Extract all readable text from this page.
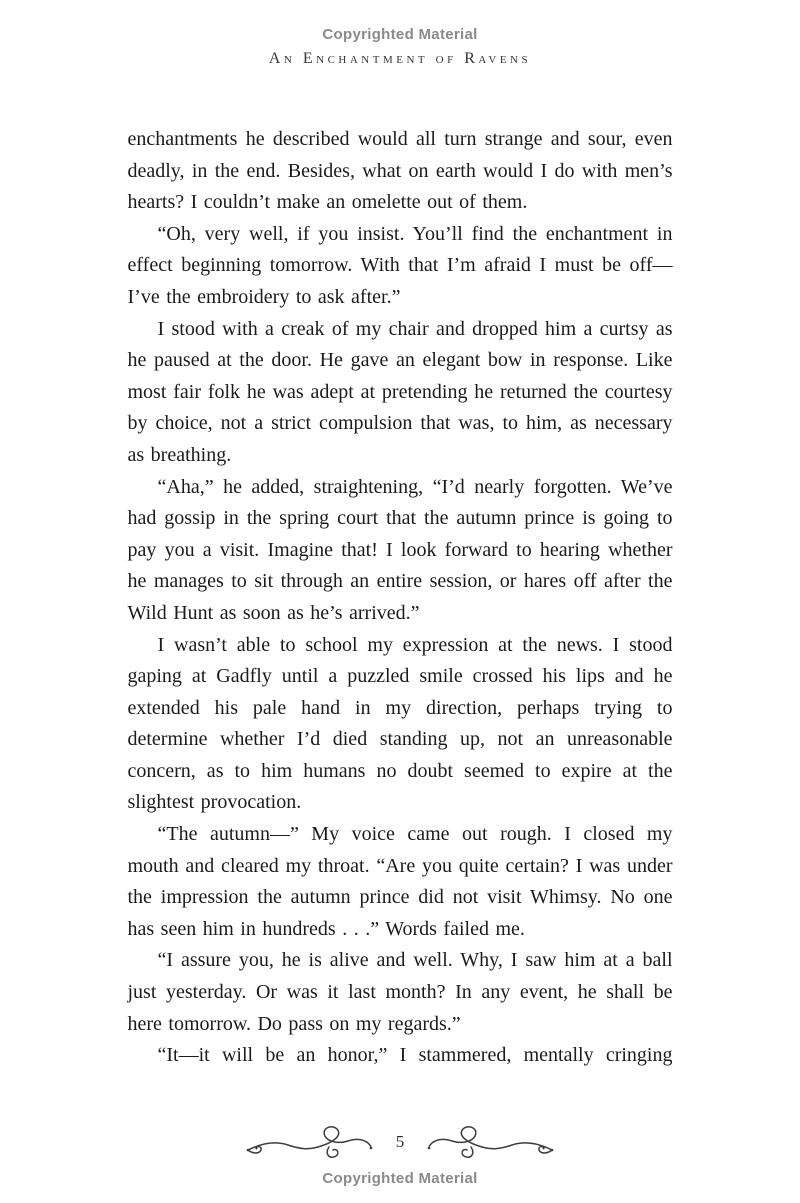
Copyrighted Material
An Enchantment of Ravens

enchantments he described would all turn strange and sour, even deadly, in the end. Besides, what on earth would I do with men’s hearts? I couldn’t make an omelette out of them.

“Oh, very well, if you insist. You’ll find the enchantment in effect beginning tomorrow. With that I’m afraid I must be off—I’ve the embroidery to ask after.”

I stood with a creak of my chair and dropped him a curtsy as he paused at the door. He gave an elegant bow in response. Like most fair folk he was adept at pretending he returned the courtesy by choice, not a strict compulsion that was, to him, as necessary as breathing.

“Aha,” he added, straightening, “I’d nearly forgotten. We’ve had gossip in the spring court that the autumn prince is going to pay you a visit. Imagine that! I look forward to hearing whether he manages to sit through an entire session, or hares off after the Wild Hunt as soon as he’s arrived.”

I wasn’t able to school my expression at the news. I stood gaping at Gadfly until a puzzled smile crossed his lips and he extended his pale hand in my direction, perhaps trying to determine whether I’d died standing up, not an unreasonable concern, as to him humans no doubt seemed to expire at the slightest provocation.

“The autumn—” My voice came out rough. I closed my mouth and cleared my throat. “Are you quite certain? I was under the impression the autumn prince did not visit Whimsy. No one has seen him in hundreds . . .” Words failed me.

“I assure you, he is alive and well. Why, I saw him at a ball just yesterday. Or was it last month? In any event, he shall be here tomorrow. Do pass on my regards.”

“It—it will be an honor,” I stammered, mentally cringing

5
Copyrighted Material
